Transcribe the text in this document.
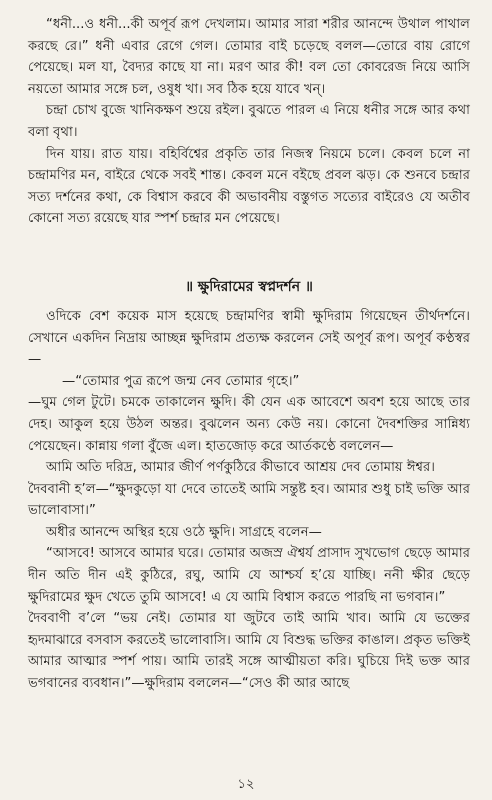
“ধনী...ও ধনী...কী অপূর্ব রূপ দেখলাম। আমার সারা শরীর আনন্দে উথাল পাথাল করছে রে।” ধনী এবার রেগে গেল। তোমার বাই চড়েছে বলল—তোরে বায় রোগে পেয়েছে। মল যা, বৈদ্যর কাছে যা না। মরণ আর কী! বল তো কোবরেজ নিয়ে আসি নয়তো আমার সঙ্গে চল, ওষুধ খা। সব ঠিক হয়ে যাবে খন্।

চন্দ্রা চোখ বুজে খানিকক্ষণ শুয়ে রইল। বুঝতে পারল এ নিয়ে ধনীর সঙ্গে আর কথা বলা বৃথা।

দিন যায়। রাত যায়। বহির্বিশ্বের প্রকৃতি তার নিজস্ব নিয়মে চলে। কেবল চলে না চন্দ্রামণির মন, বাইরে থেকে সবই শান্ত। কেবল মনে বইছে প্রবল ঝড়। কে শুনবে চন্দ্রার সত্য দর্শনের কথা, কে বিশ্বাস করবে কী অভাবনীয় বস্তুগত সত্যের বাইরেও যে অতীব কোনো সত্য রয়েছে যার স্পর্শ চন্দ্রার মন পেয়েছে।

॥ ক্ষুদিরামের স্বপ্নদর্শন ॥

ওদিকে বেশ কয়েক মাস হয়েছে চন্দ্রামণির স্বামী ক্ষুদিরাম গিয়েছেন তীর্থদর্শনে। সেখানে একদিন নিদ্রায় আচ্ছন্ন ক্ষুদিরাম প্রত্যক্ষ করলেন সেই অপূর্ব রূপ। অপূর্ব কণ্ঠস্বর—

—“তোমার পুত্র রূপে জন্ম নেব তোমার গৃহে।”

—ঘুম গেল টুটে। চমকে তাকালেন ক্ষুদি। কী যেন এক আবেশে অবশ হয়ে আছে তার দেহ। আকুল হয়ে উঠল অন্তর। বুঝলেন অন্য কেউ নয়। কোনো দৈবশক্তির সান্নিধ্য পেয়েছেন। কান্নায় গলা বুঁজে এল। হাতজোড় করে আর্তকণ্ঠে বললেন—

আমি অতি দরিদ্র, আমার জীর্ণ পর্ণকুঠিরে কীভাবে আশ্রয় দেব তোমায় ঈশ্বর।

দৈববানী হ’ল—“ক্ষুদকুড়ো যা দেবে তাতেই আমি সন্তুষ্ট হব। আমার শুধু চাই ভক্তি আর ভালোবাসা।”

অধীর আনন্দে অস্থির হয়ে ওঠে ক্ষুদি। সাগ্রহে বলেন—

“আসবে! আসবে আমার ঘরে। তোমার অজস্র ঐশ্বর্য প্রাসাদ সুখভোগ ছেড়ে আমার দীন অতি দীন এই কুঠিরে, রঘু, আমি যে আশ্চর্য হ’য়ে যাচ্ছি। ননী ক্ষীর ছেড়ে ক্ষুদিরামের ক্ষুদ খেতে তুমি আসবে! এ যে আমি বিশ্বাস করতে পারছি না ভগবান।”

দৈববাণী ব’লে “ভয় নেই। তোমার যা জুটবে তাই আমি খাব। আমি যে ভক্তের হৃদমাঝারে বসবাস করতেই ভালোবাসি। আমি যে বিশুদ্ধ ভক্তির কাঙাল। প্রকৃত ভক্তিই আমার আত্মার স্পর্শ পায়। আমি তারই সঙ্গে আত্মীয়তা করি। ঘুচিয়ে দিই ভক্ত আর ভগবানের ব্যবধান।”—ক্ষুদিরাম বললেন—“সেও কী আর আছে

১২
